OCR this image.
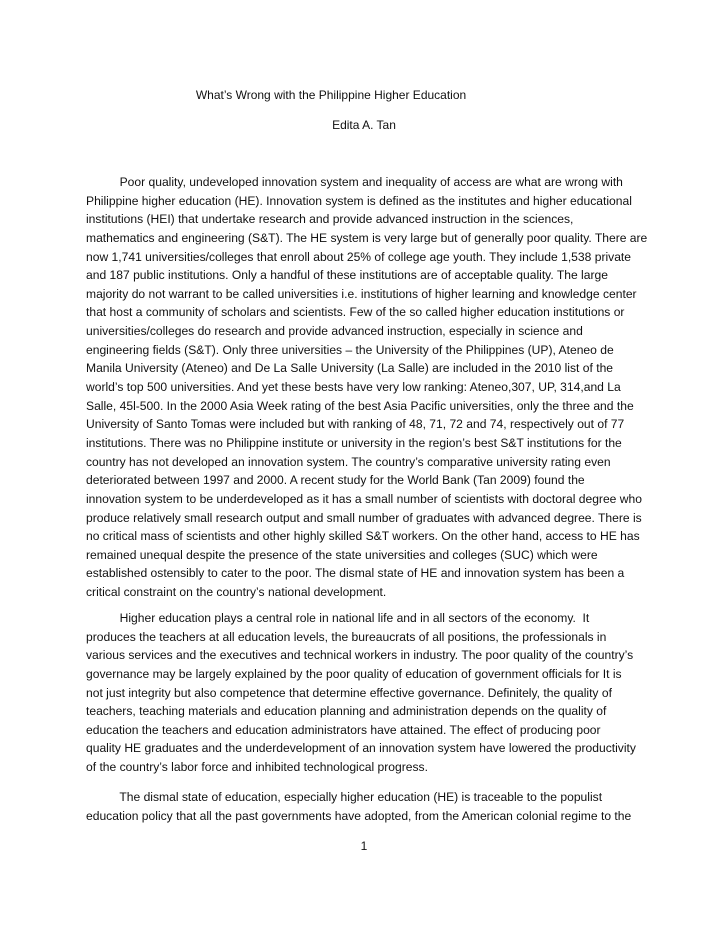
What’s Wrong with the Philippine Higher Education
Edita A. Tan
Poor quality, undeveloped innovation system and inequality of access are what are wrong with
Philippine higher education (HE). Innovation system is defined as the institutes and higher educational
institutions (HEI) that undertake research and provide advanced instruction in the sciences,
mathematics and engineering (S&T). The HE system is very large but of generally poor quality. There are
now 1,741 universities/colleges that enroll about 25% of college age youth. They include 1,538 private
and 187 public institutions. Only a handful of these institutions are of acceptable quality. The large
majority do not warrant to be called universities i.e. institutions of higher learning and knowledge center
that host a community of scholars and scientists. Few of the so called higher education institutions or
universities/colleges do research and provide advanced instruction, especially in science and
engineering fields (S&T). Only three universities – the University of the Philippines (UP), Ateneo de
Manila University (Ateneo) and De La Salle University (La Salle) are included in the 2010 list of the
world’s top 500 universities. And yet these bests have very low ranking: Ateneo,307, UP, 314,and La
Salle, 45l-500. In the 2000 Asia Week rating of the best Asia Pacific universities, only the three and the
University of Santo Tomas were included but with ranking of 48, 71, 72 and 74, respectively out of 77
institutions. There was no Philippine institute or university in the region’s best S&T institutions for the
country has not developed an innovation system. The country’s comparative university rating even
deteriorated between 1997 and 2000. A recent study for the World Bank (Tan 2009) found the
innovation system to be underdeveloped as it has a small number of scientists with doctoral degree who
produce relatively small research output and small number of graduates with advanced degree. There is
no critical mass of scientists and other highly skilled S&T workers. On the other hand, access to HE has
remained unequal despite the presence of the state universities and colleges (SUC) which were
established ostensibly to cater to the poor. The dismal state of HE and innovation system has been a
critical constraint on the country’s national development.
Higher education plays a central role in national life and in all sectors of the economy.  It
produces the teachers at all education levels, the bureaucrats of all positions, the professionals in
various services and the executives and technical workers in industry. The poor quality of the country’s
governance may be largely explained by the poor quality of education of government officials for It is
not just integrity but also competence that determine effective governance. Definitely, the quality of
teachers, teaching materials and education planning and administration depends on the quality of
education the teachers and education administrators have attained. The effect of producing poor
quality HE graduates and the underdevelopment of an innovation system have lowered the productivity
of the country’s labor force and inhibited technological progress.
The dismal state of education, especially higher education (HE) is traceable to the populist
education policy that all the past governments have adopted, from the American colonial regime to the
1
